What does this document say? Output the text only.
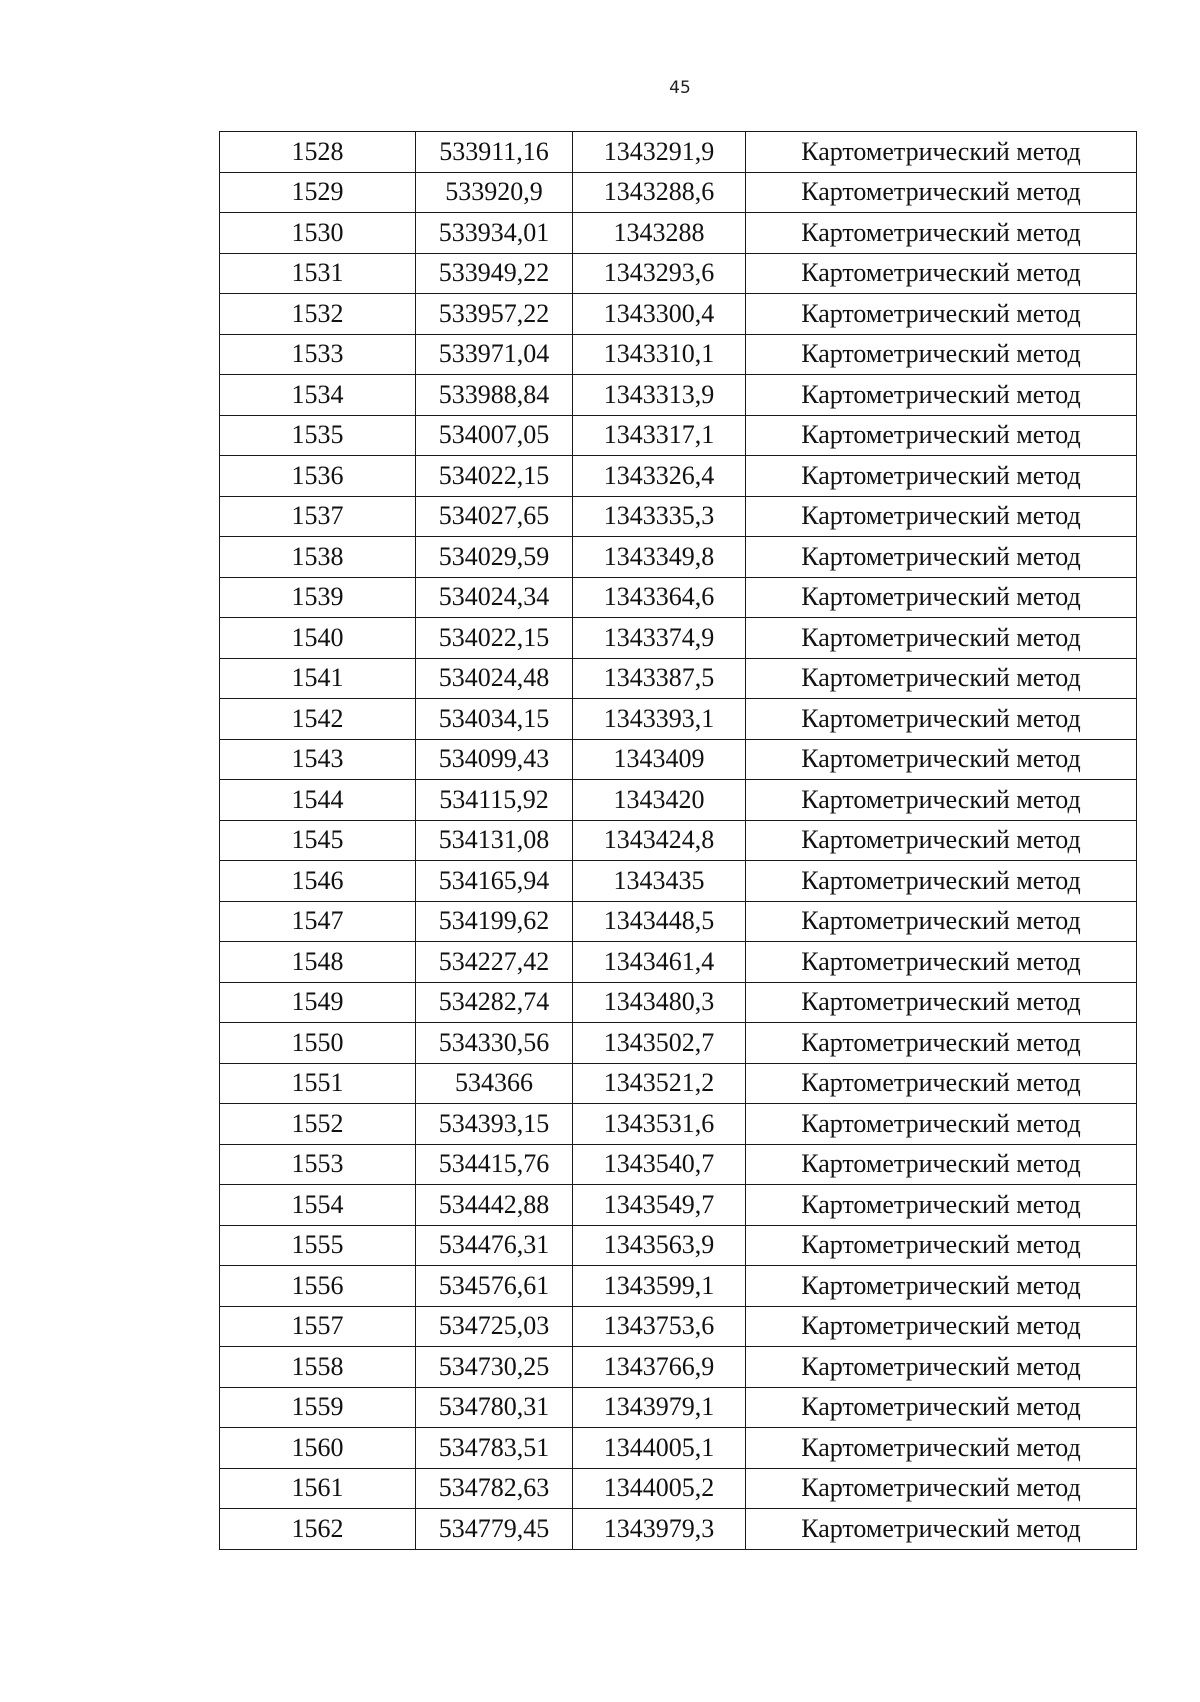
45
1528	533911,16	1343291,9	Картометрический метод
1529	533920,9	1343288,6	Картометрический метод
1530	533934,01	1343288	Картометрический метод
1531	533949,22	1343293,6	Картометрический метод
1532	533957,22	1343300,4	Картометрический метод
1533	533971,04	1343310,1	Картометрический метод
1534	533988,84	1343313,9	Картометрический метод
1535	534007,05	1343317,1	Картометрический метод
1536	534022,15	1343326,4	Картометрический метод
1537	534027,65	1343335,3	Картометрический метод
1538	534029,59	1343349,8	Картометрический метод
1539	534024,34	1343364,6	Картометрический метод
1540	534022,15	1343374,9	Картометрический метод
1541	534024,48	1343387,5	Картометрический метод
1542	534034,15	1343393,1	Картометрический метод
1543	534099,43	1343409	Картометрический метод
1544	534115,92	1343420	Картометрический метод
1545	534131,08	1343424,8	Картометрический метод
1546	534165,94	1343435	Картометрический метод
1547	534199,62	1343448,5	Картометрический метод
1548	534227,42	1343461,4	Картометрический метод
1549	534282,74	1343480,3	Картометрический метод
1550	534330,56	1343502,7	Картометрический метод
1551	534366	1343521,2	Картометрический метод
1552	534393,15	1343531,6	Картометрический метод
1553	534415,76	1343540,7	Картометрический метод
1554	534442,88	1343549,7	Картометрический метод
1555	534476,31	1343563,9	Картометрический метод
1556	534576,61	1343599,1	Картометрический метод
1557	534725,03	1343753,6	Картометрический метод
1558	534730,25	1343766,9	Картометрический метод
1559	534780,31	1343979,1	Картометрический метод
1560	534783,51	1344005,1	Картометрический метод
1561	534782,63	1344005,2	Картометрический метод
1562	534779,45	1343979,3	Картометрический метод
